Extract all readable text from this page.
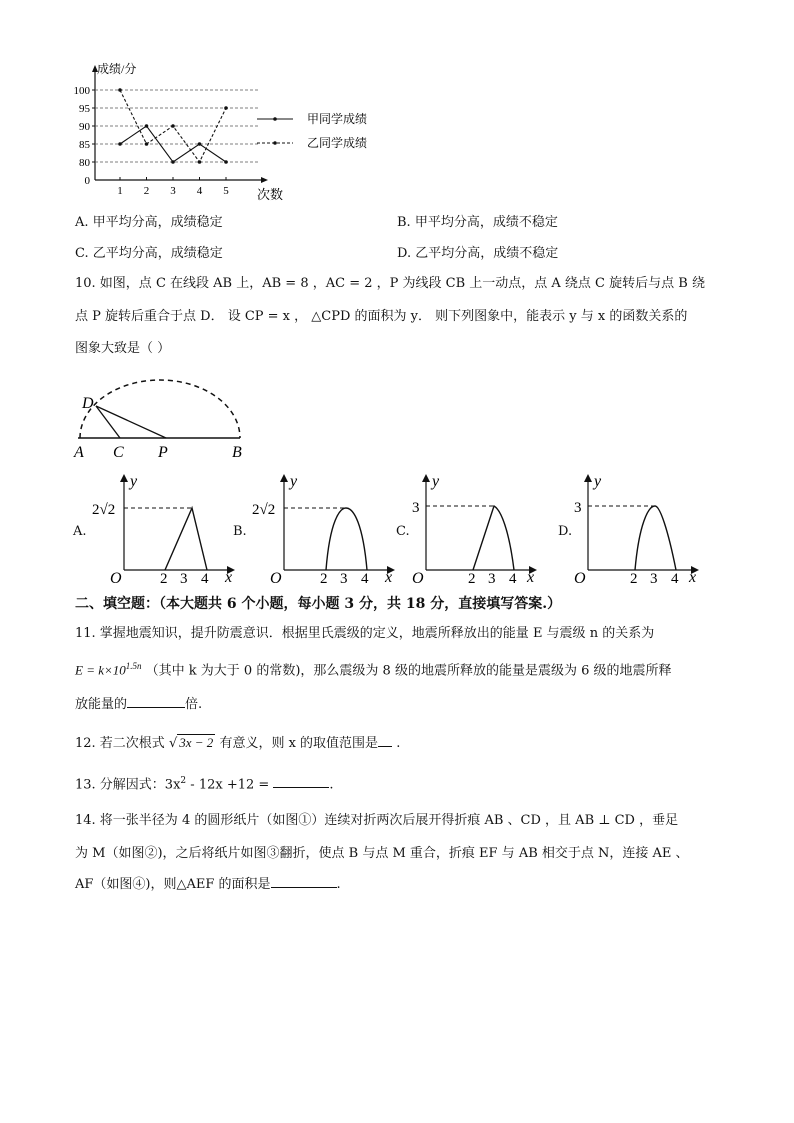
成绩/分
次数
100
95
90
85
80
0
1 2 3 4 5
甲同学成绩
乙同学成绩
A. 甲平均分高，成绩稳定	B. 甲平均分高，成绩不稳定
C. 乙平均分高，成绩稳定	D. 乙平均分高，成绩不稳定
10. 如图，点 C 在线段 AB 上，AB = 8 ，AC = 2 ，P 为线段 CB 上一动点，点 A 绕点 C 旋转后与点 B 绕
点 P 旋转后重合于点 D． 设 CP = x ， △CPD 的面积为 y． 则下列图象中，能表示 y 与 x 的函数关系的
图象大致是（ ）
D
A C P	B
A.
y
x
O
2√2
2 3 4
B.
y
x
O
2√2
2 3 4
C.
y
x
O
3
2 3 4
D.
y
x
O
3
2 3 4
二、填空题：（本大题共 6 个小题，每小题 3 分，共 18 分，直接填写答案.）
11. 掌握地震知识，提升防震意识．根据里氏震级的定义，地震所释放出的能量 E 与震级 n 的关系为
$E = k\times 10^{1.5n}$ （其中 k 为大于 0 的常数)，那么震级为 8 级的地震所释放的能量是震级为 6 级的地震所释
放能量的	倍.
12. 若二次根式 √ 3x − 2 有意义，则 x 的取值范围是 .
13. 分解因式：$3x^2 - 12x +12$ =	.
14. 将一张半径为 4 的圆形纸片（如图①）连续对折两次后展开得折痕 AB 、CD ，且 AB ⊥ CD ，垂足
为 M（如图②)，之后将纸片如图③翻折，使点 B 与点 M 重合，折痕 EF 与 AB 相交于点 N，连接 AE 、
AF（如图④)，则△AEF 的面积是	.
